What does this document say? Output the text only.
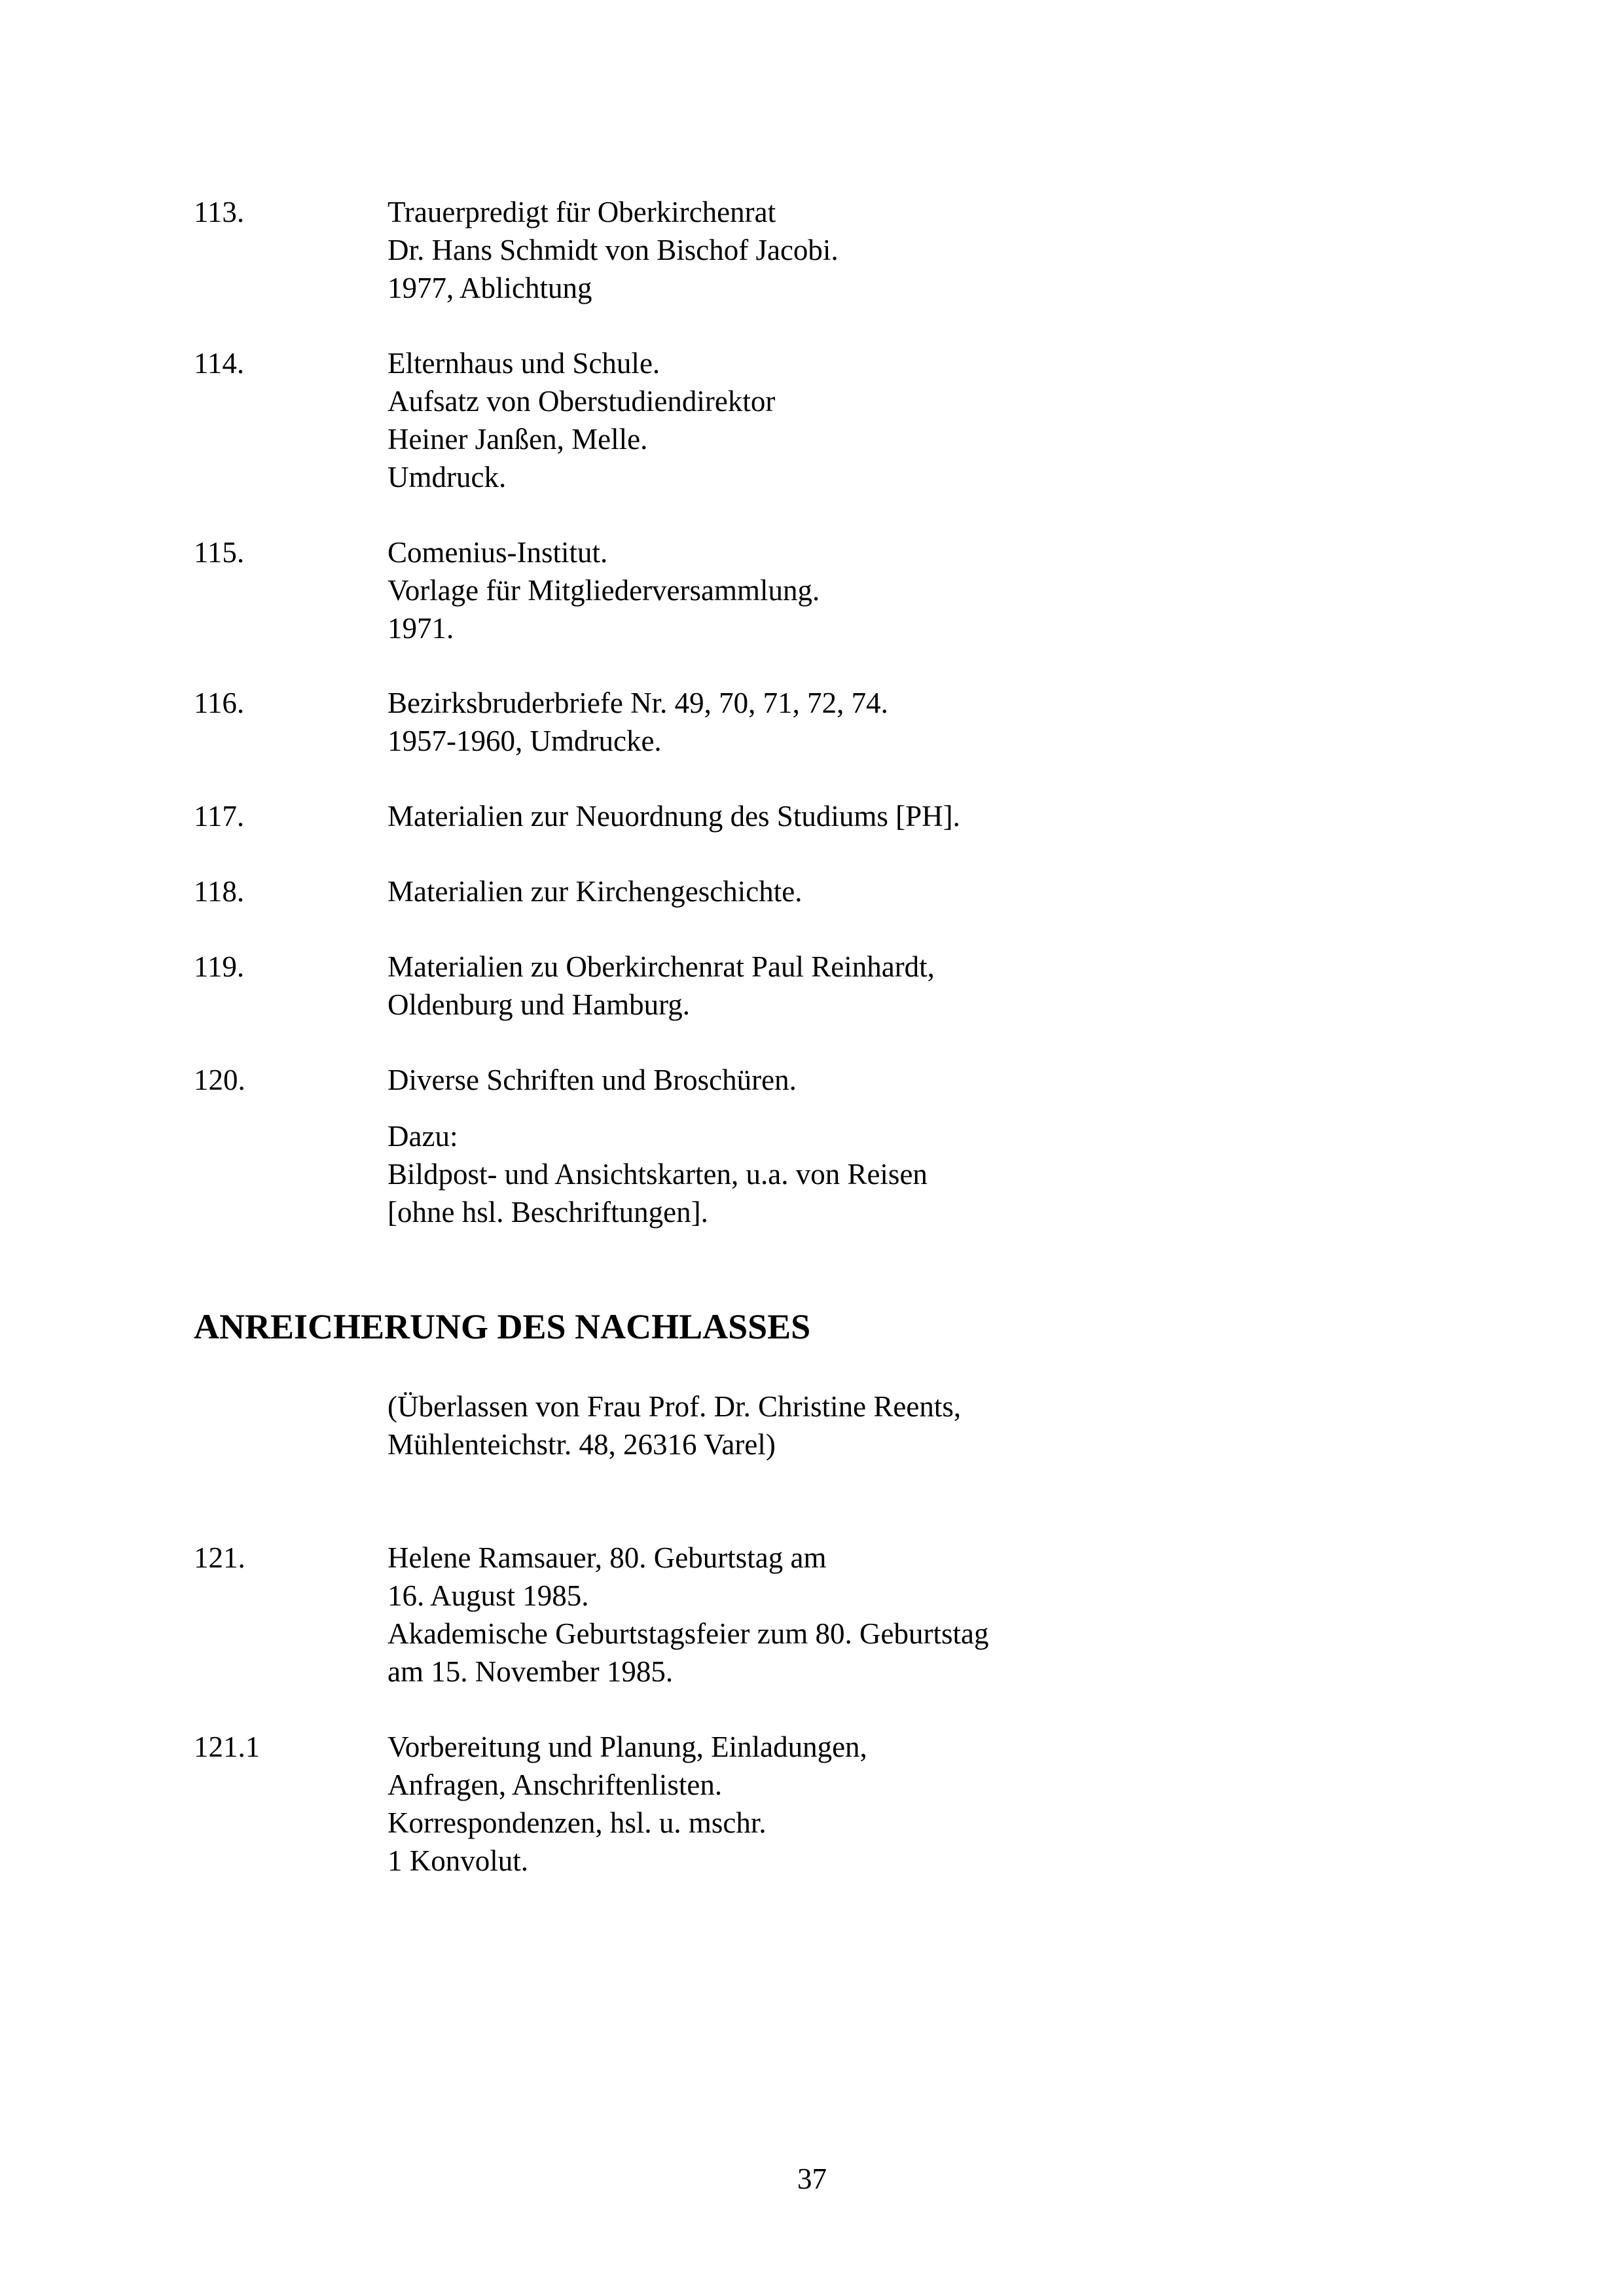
113.	Trauerpredigt für Oberkirchenrat
Dr. Hans Schmidt von Bischof Jacobi.
1977, Ablichtung
114.	Elternhaus und Schule.
Aufsatz von Oberstudiendirektor
Heiner Janßen, Melle.
Umdruck.
115.	Comenius-Institut.
Vorlage für Mitgliederversammlung.
1971.
116.	Bezirksbruderbriefe Nr. 49, 70, 71, 72, 74.
1957-1960, Umdrucke.
117.	Materialien zur Neuordnung des Studiums [PH].
118.	Materialien zur Kirchengeschichte.
119.	Materialien zu Oberkirchenrat Paul Reinhardt,
Oldenburg und Hamburg.
120.	Diverse Schriften und Broschüren.
Dazu:
Bildpost- und Ansichtskarten, u.a. von Reisen
[ohne hsl. Beschriftungen].
ANREICHERUNG DES NACHLASSES
(Überlassen von Frau Prof. Dr. Christine Reents,
Mühlenteichstr. 48, 26316 Varel)
121.	Helene Ramsauer, 80. Geburtstag am
16. August 1985.
Akademische Geburtstagsfeier zum 80. Geburtstag
am 15. November 1985.
121.1	Vorbereitung und Planung, Einladungen,
Anfragen, Anschriftenlisten.
Korrespondenzen, hsl. u. mschr.
1 Konvolut.
37
